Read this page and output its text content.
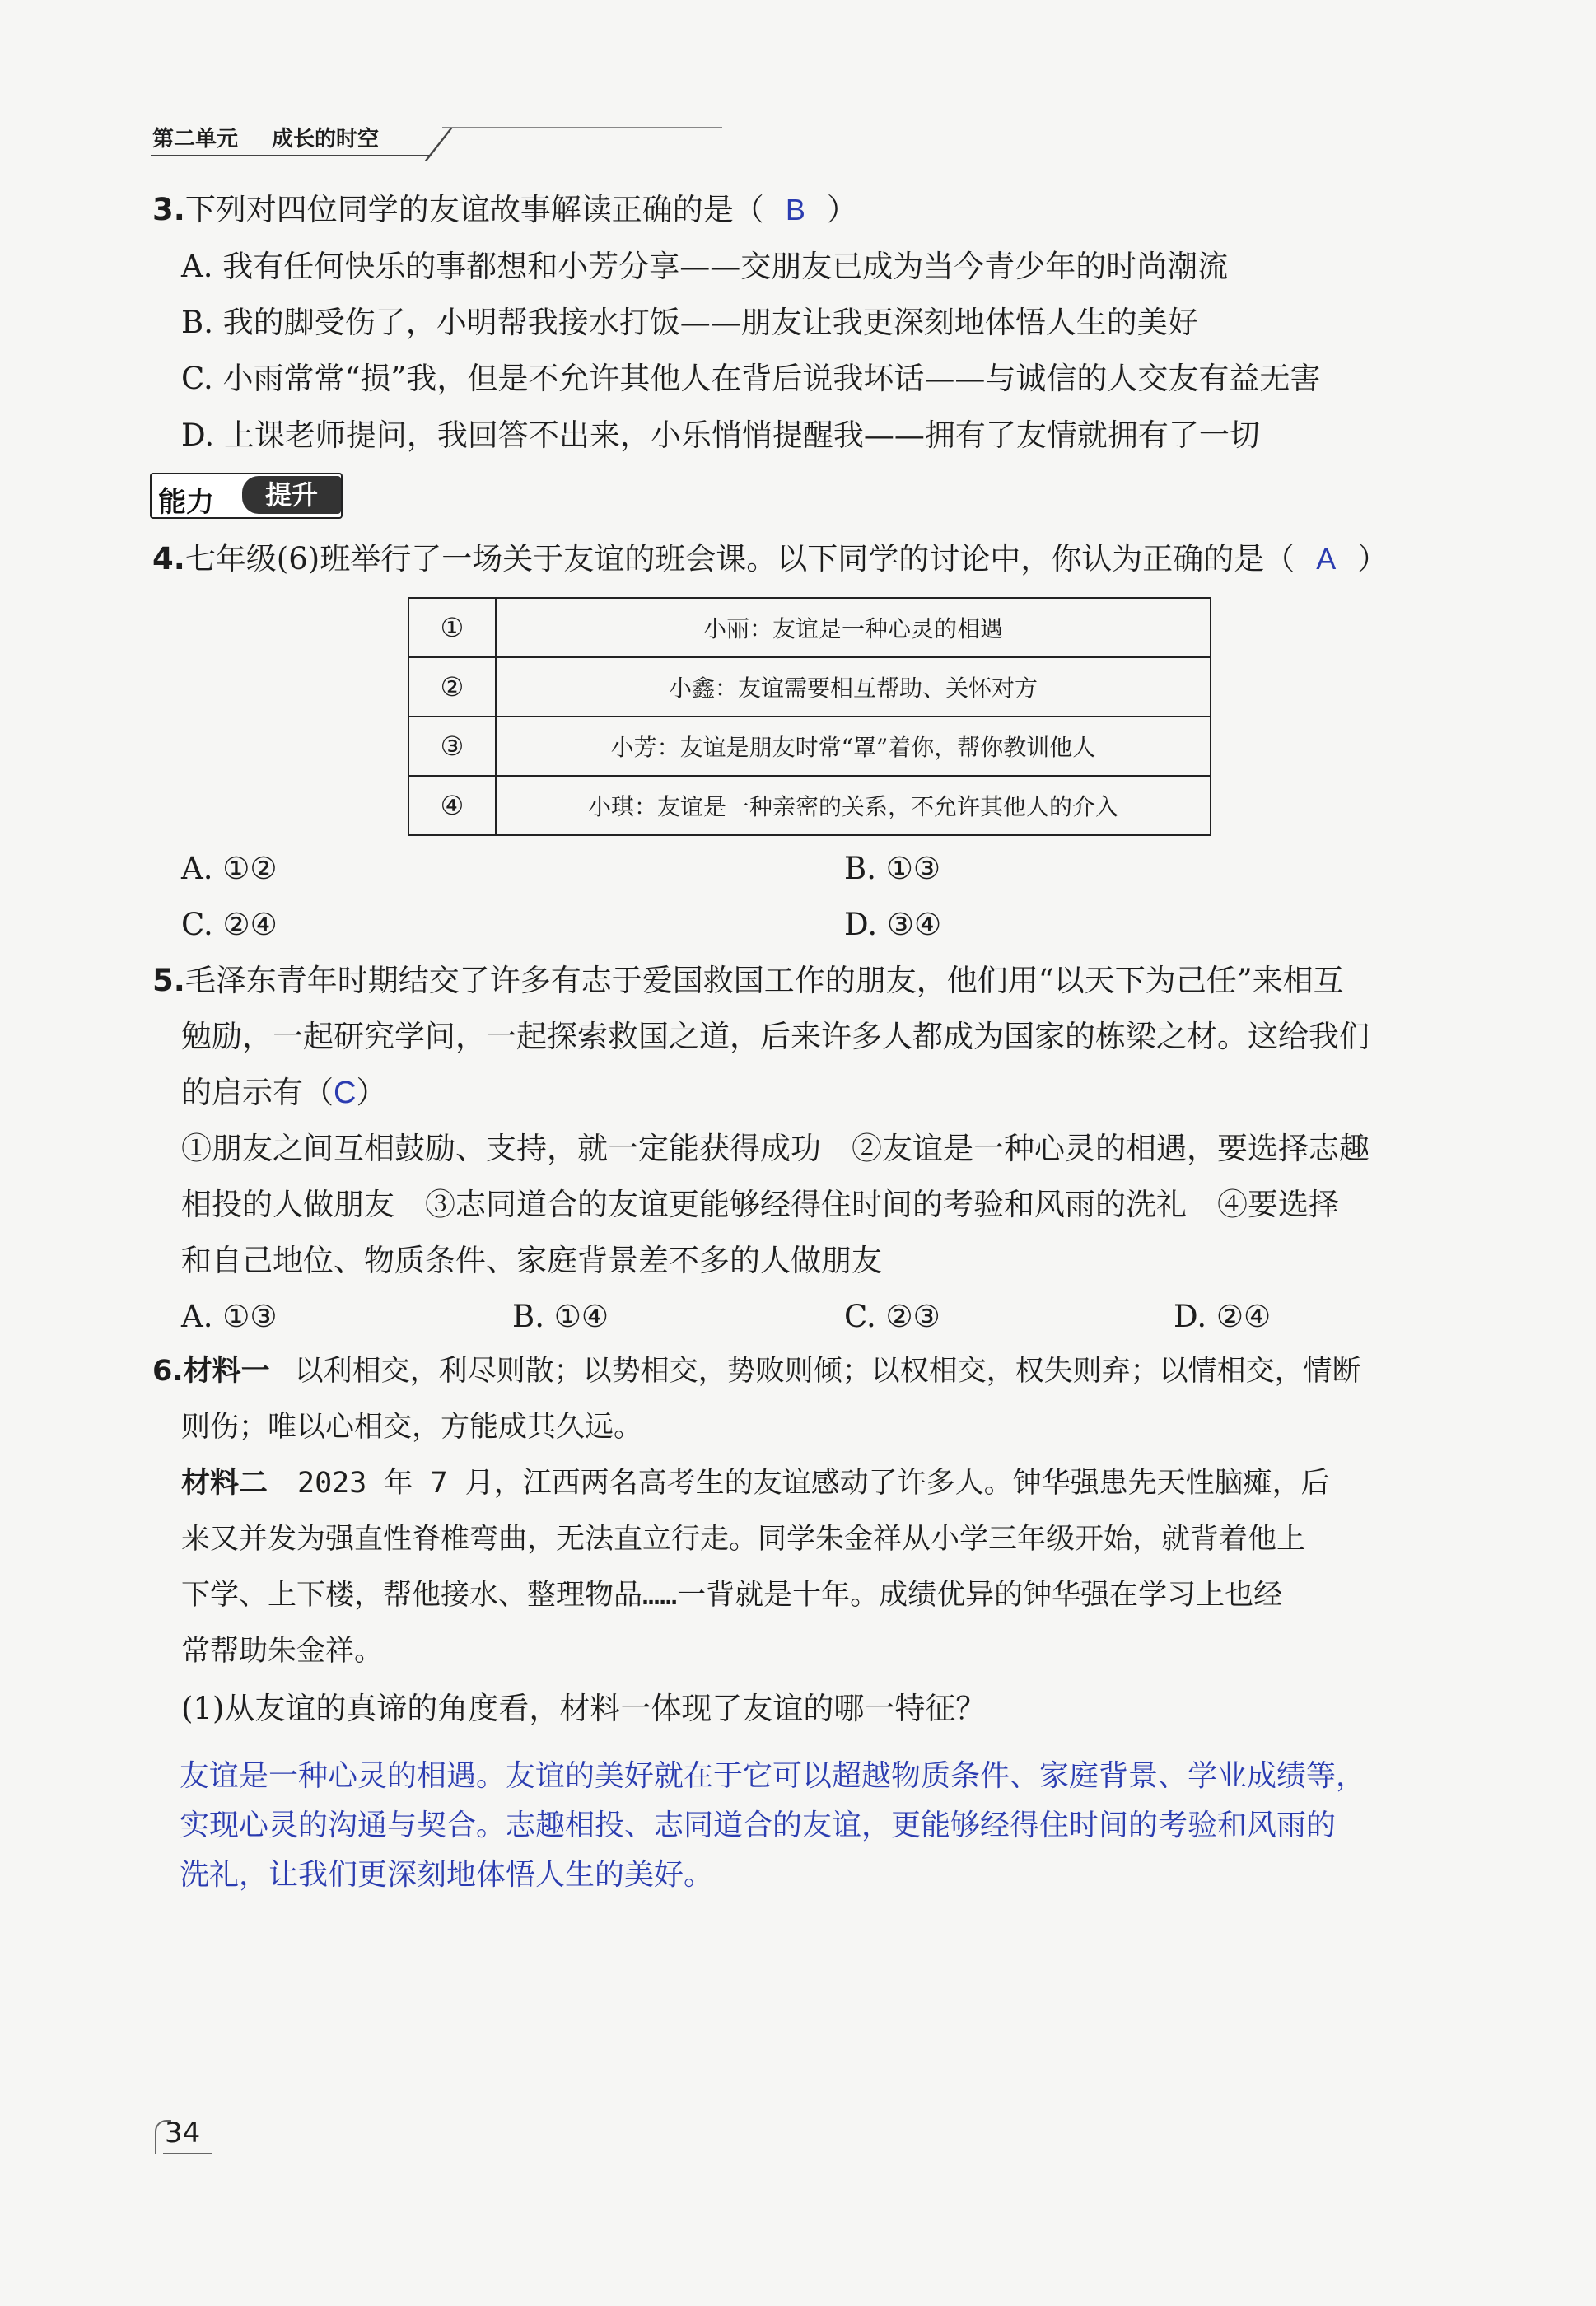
第二单元 成长的时空
3.下列对四位同学的友谊故事解读正确的是（ B ）
A. 我有任何快乐的事都想和小芳分享——交朋友已成为当今青少年的时尚潮流
B. 我的脚受伤了，小明帮我接水打饭——朋友让我更深刻地体悟人生的美好
C. 小雨常常“损”我，但是不允许其他人在背后说我坏话——与诚信的人交友有益无害
D. 上课老师提问，我回答不出来，小乐悄悄提醒我——拥有了友情就拥有了一切
能力	提升
4.七年级(6)班举行了一场关于友谊的班会课。以下同学的讨论中，你认为正确的是（ A ）
①	小丽：友谊是一种心灵的相遇
②	小鑫：友谊需要相互帮助、关怀对方
③	小芳：友谊是朋友时常“罩”着你，帮你教训他人
④	小琪：友谊是一种亲密的关系，不允许其他人的介入
A. ①②	B. ①③
C. ②④	D. ③④
5.毛泽东青年时期结交了许多有志于爱国救国工作的朋友，他们用“以天下为己任”来相互
勉励，一起研究学问，一起探索救国之道，后来许多人都成为国家的栋梁之材。这给我们
的启示有（C）
①朋友之间互相鼓励、支持，就一定能获得成功　②友谊是一种心灵的相遇，要选择志趣
相投的人做朋友　③志同道合的友谊更能够经得住时间的考验和风雨的洗礼　④要选择
和自己地位、物质条件、家庭背景差不多的人做朋友
A. ①③	B. ①④	C. ②③	D. ②④
6.材料一 以利相交，利尽则散；以势相交，势败则倾；以权相交，权失则弃；以情相交，情断
则伤；唯以心相交，方能成其久远。
材料二 2023 年 7 月，江西两名高考生的友谊感动了许多人。钟华强患先天性脑瘫，后
来又并发为强直性脊椎弯曲，无法直立行走。同学朱金祥从小学三年级开始，就背着他上
下学、上下楼，帮他接水、整理物品……一背就是十年。成绩优异的钟华强在学习上也经
常帮助朱金祥。
(1)从友谊的真谛的角度看，材料一体现了友谊的哪一特征？
友谊是一种心灵的相遇。友谊的美好就在于它可以超越物质条件、家庭背景、学业成绩等，
实现心灵的沟通与契合。志趣相投、志同道合的友谊，更能够经得住时间的考验和风雨的
洗礼，让我们更深刻地体悟人生的美好。
34
